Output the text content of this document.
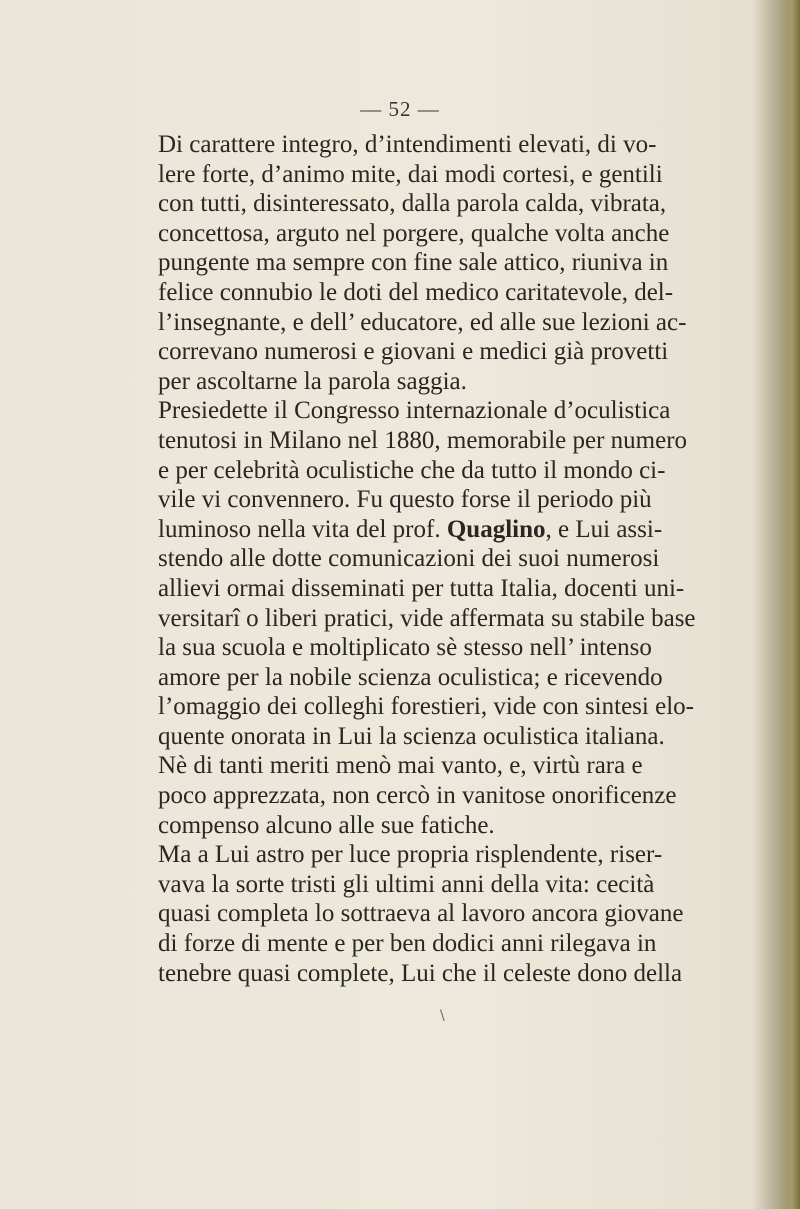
— 52 —
Di carattere integro, d’intendimenti elevati, di vo-
lere forte, d’animo mite, dai modi cortesi, e gentili
con tutti, disinteressato, dalla parola calda, vibrata,
concettosa, arguto nel porgere, qualche volta anche
pungente ma sempre con fine sale attico, riuniva in
felice connubio le doti del medico caritatevole, del-
l’insegnante, e dell’ educatore, ed alle sue lezioni ac-
correvano numerosi e giovani e medici già provetti
per ascoltarne la parola saggia.
Presiedette il Congresso internazionale d’oculistica
tenutosi in Milano nel 1880, memorabile per numero
e per celebrità oculistiche che da tutto il mondo ci-
vile vi convennero. Fu questo forse il periodo più
luminoso nella vita del prof. Quaglino, e Lui assi-
stendo alle dotte comunicazioni dei suoi numerosi
allievi ormai disseminati per tutta Italia, docenti uni-
versitarî o liberi pratici, vide affermata su stabile base
la sua scuola e moltiplicato sè stesso nell’ intenso
amore per la nobile scienza oculistica; e ricevendo
l’omaggio dei colleghi forestieri, vide con sintesi elo-
quente onorata in Lui la scienza oculistica italiana.
Nè di tanti meriti menò mai vanto, e, virtù rara e
poco apprezzata, non cercò in vanitose onorificenze
compenso alcuno alle sue fatiche.
Ma a Lui astro per luce propria risplendente, riser-
vava la sorte tristi gli ultimi anni della vita: cecità
quasi completa lo sottraeva al lavoro ancora giovane
di forze di mente e per ben dodici anni rilegava in
tenebre quasi complete, Lui che il celeste dono della
\
